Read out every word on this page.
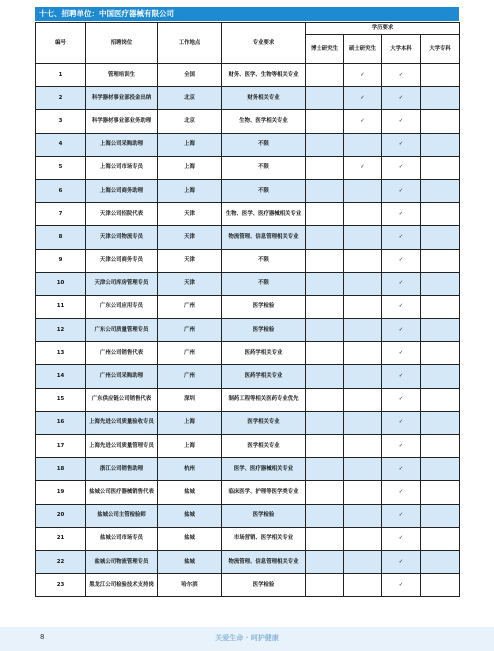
十七、招聘单位：中国医疗器械有限公司
编号	招聘岗位	工作地点	专业要求	学历要求			
				博士研究生	硕士研究生	大学本科	大学专科
1	管理培训生	全国	财务、医学、生物等相关专业		✓	✓	
2	科学器材事业部投金出纳	北京	财务相关专业		✓	✓	
3	科学器材事业部业务助理	北京	生物、医学相关专业		✓	✓	
4	上海公司采购助理	上海	不限			✓	
5	上海公司市场专员	上海	不限		✓	✓	
6	上海公司商务助理	上海	不限			✓	
7	天津公司招院代表	天津	生物、医学、医疗器械相关专业			✓	
8	天津公司物流专员	天津	物流管理、信息管理相关专业			✓	
9	天津公司商务专员	天津	不限			✓	
10	天津公司库房管理专员	天津	不限			✓	
11	广东公司应用专员	广州	医学检验			✓	
12	广东公司质量管理专员	广州	医学检验			✓	
13	广州公司销售代表	广州	医药学相关专业			✓	
14	广州公司采购助理	广州	医药学相关专业			✓	
15	广东供应链公司销售代表	深圳	制药工程等相关医药专业优先			✓	
16	上海先进公司质量验收专员	上海	医学相关专业			✓	
17	上海先进公司质量管理专员	上海	医学相关专业			✓	
18	浙江公司销售助理	杭州	医学、医疗器械相关专业			✓	
19	盐城公司医疗器械销售代表	盐城	临床医学、护理等医学类专业			✓	
20	盐城公司主管检验师	盐城	医学检验			✓	
21	盐城公司市场专员	盐城	市场营销、医学相关专业			✓	
22	盐城公司物流管理专员	盐城	物流管理、信息管理相关专业			✓	
23	黑龙江公司检验技术支持岗	哈尔滨	医学检验			✓	
8	关爱生命 · 呵护健康
